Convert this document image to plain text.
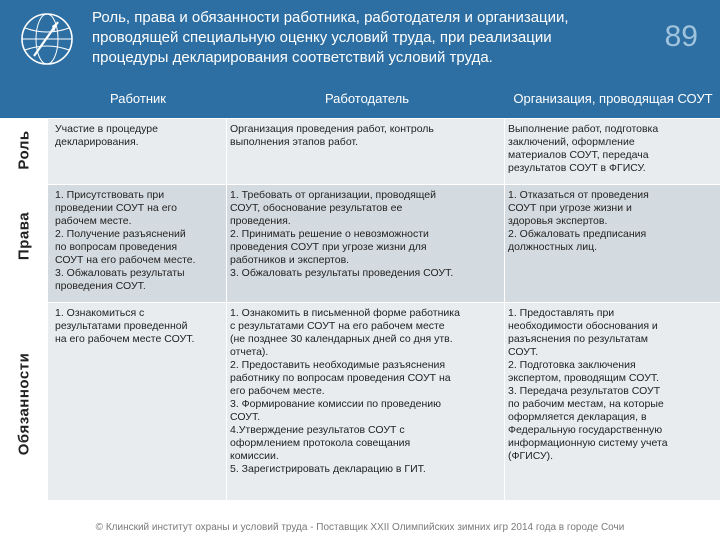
Роль, права и обязанности работника, работодателя и организации,
проводящей специальную оценку условий труда, при реализации
процедуры декларирования соответствий условий труда.
89
Работник	Работодатель	Организация, проводящая СОУТ
Роль
Права
Обязанности
Участие в процедуре
декларирования.
Организация проведения работ, контроль
выполнения этапов работ.
Выполнение работ, подготовка
заключений, оформление
материалов СОУТ, передача
результатов СОУТ в ФГИСУ.
1. Присутствовать при
проведении СОУТ на его
рабочем месте.
2. Получение разъяснений
по вопросам проведения
СОУТ на его рабочем месте.
3. Обжаловать результаты
проведения СОУТ.
1. Требовать от организации, проводящей
СОУТ, обоснование результатов ее
проведения.
2. Принимать решение о невозможности
проведения СОУТ при угрозе жизни для
работников и экспертов.
3. Обжаловать результаты проведения СОУТ.
1. Отказаться от проведения
СОУТ при угрозе жизни и
здоровья экспертов.
2. Обжаловать предписания
должностных лиц.
1. Ознакомиться с
результатами проведенной
на его рабочем месте СОУТ.
1. Ознакомить в письменной форме работника
с результатами СОУТ на его рабочем месте
(не позднее 30 календарных дней со дня утв.
отчета).
2. Предоставить необходимые разъяснения
работнику по вопросам проведения СОУТ на
его рабочем месте.
3. Формирование комиссии по проведению
СОУТ.
4.Утверждение результатов СОУТ с
оформлением протокола совещания
комиссии.
5. Зарегистрировать декларацию в ГИТ.
1. Предоставлять при
необходимости обоснования и
разъяснения по результатам
СОУТ.
2. Подготовка заключения
экспертом, проводящим СОУТ.
3. Передача результатов СОУТ
по рабочим местам, на которые
оформляется декларация, в
Федеральную государственную
информационную систему учета
(ФГИСУ).
© Клинский институт охраны и условий труда - Поставщик XXII Олимпийских зимних игр 2014 года в городе Сочи
